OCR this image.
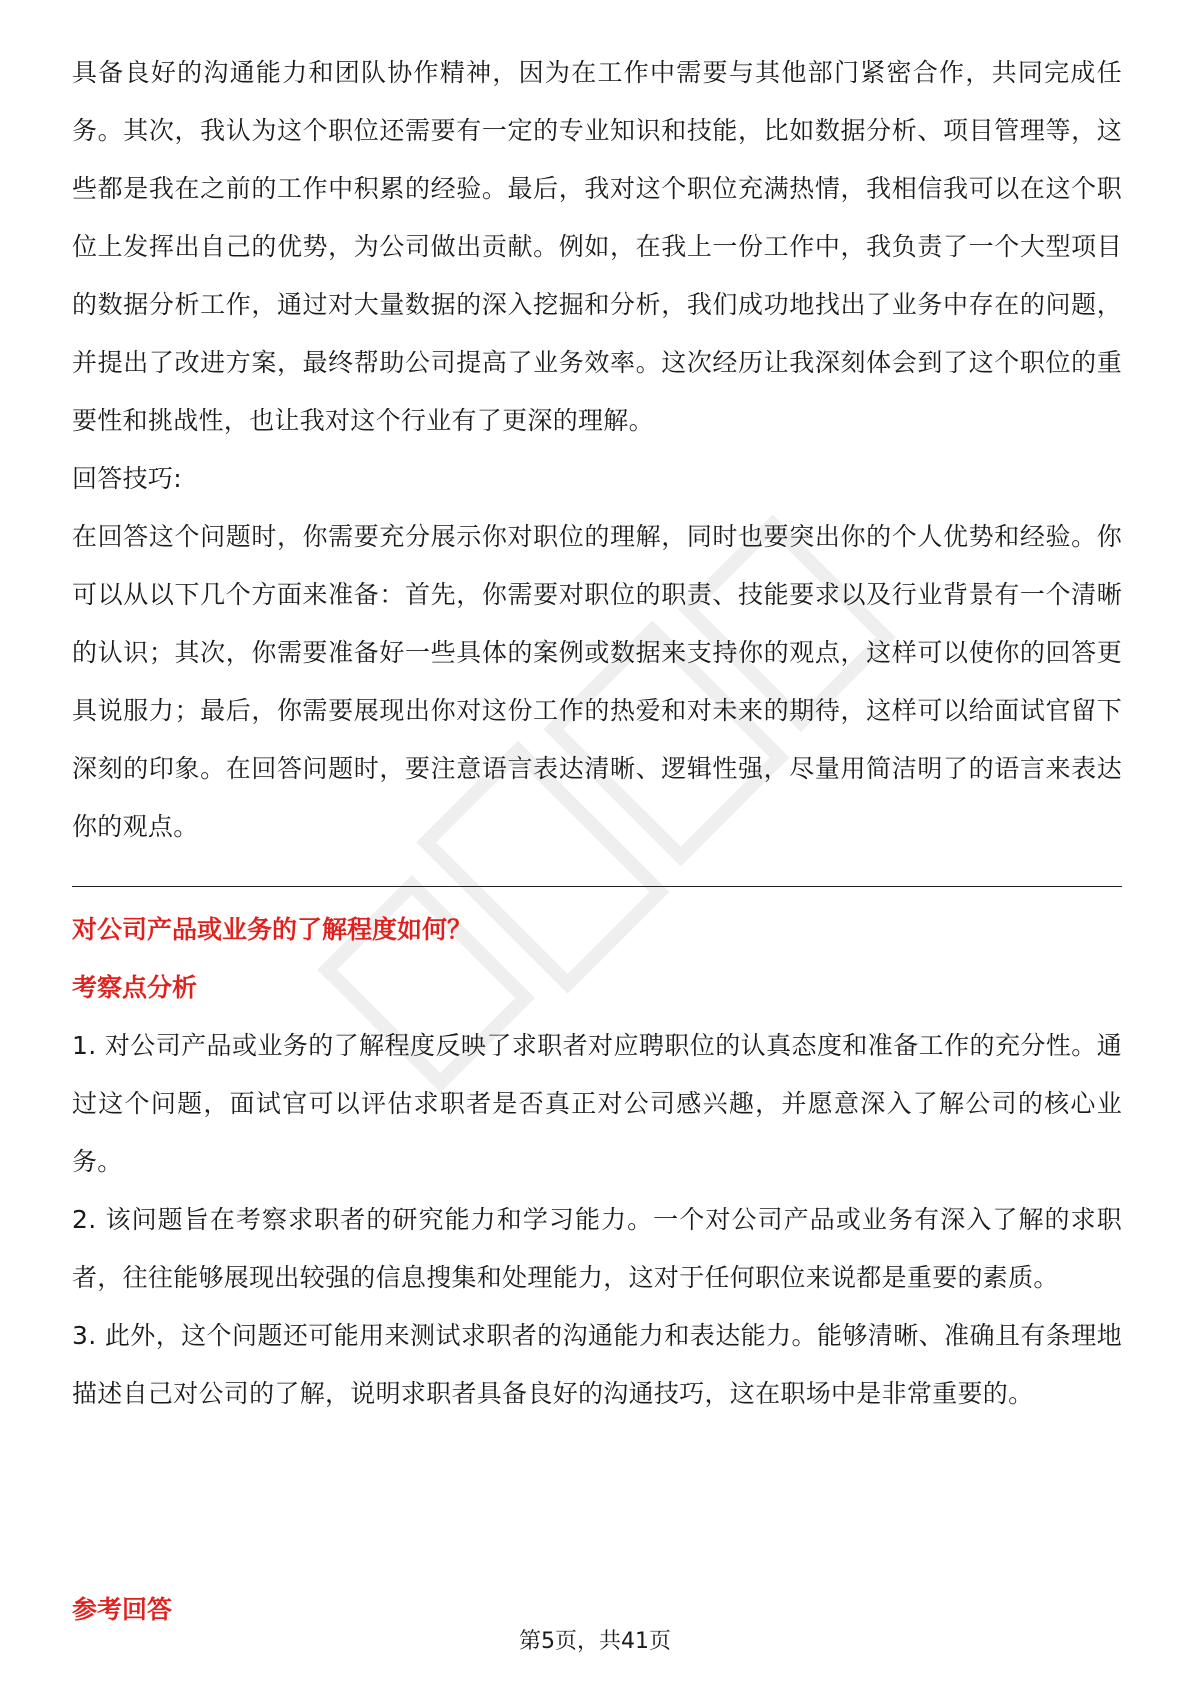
具备良好的沟通能力和团队协作精神，因为在工作中需要与其他部门紧密合作，共同完成任务。其次，我认为这个职位还需要有一定的专业知识和技能，比如数据分析、项目管理等，这些都是我在之前的工作中积累的经验。最后，我对这个职位充满热情，我相信我可以在这个职位上发挥出自己的优势，为公司做出贡献。例如，在我上一份工作中，我负责了一个大型项目的数据分析工作，通过对大量数据的深入挖掘和分析，我们成功地找出了业务中存在的问题，并提出了改进方案，最终帮助公司提高了业务效率。这次经历让我深刻体会到了这个职位的重要性和挑战性，也让我对这个行业有了更深的理解。

回答技巧:

在回答这个问题时，你需要充分展示你对职位的理解，同时也要突出你的个人优势和经验。你可以从以下几个方面来准备：首先，你需要对职位的职责、技能要求以及行业背景有一个清晰的认识；其次，你需要准备好一些具体的案例或数据来支持你的观点，这样可以使你的回答更具说服力；最后，你需要展现出你对这份工作的热爱和对未来的期待，这样可以给面试官留下深刻的印象。在回答问题时，要注意语言表达清晰、逻辑性强，尽量用简洁明了的语言来表达你的观点。

对公司产品或业务的了解程度如何？

考察点分析

1. 对公司产品或业务的了解程度反映了求职者对应聘职位的认真态度和准备工作的充分性。通过这个问题，面试官可以评估求职者是否真正对公司感兴趣，并愿意深入了解公司的核心业务。

2. 该问题旨在考察求职者的研究能力和学习能力。一个对公司产品或业务有深入了解的求职者，往往能够展现出较强的信息搜集和处理能力，这对于任何职位来说都是重要的素质。

3. 此外，这个问题还可能用来测试求职者的沟通能力和表达能力。能够清晰、准确且有条理地描述自己对公司的了解，说明求职者具备良好的沟通技巧，这在职场中是非常重要的。

参考回答

第5页，共41页
